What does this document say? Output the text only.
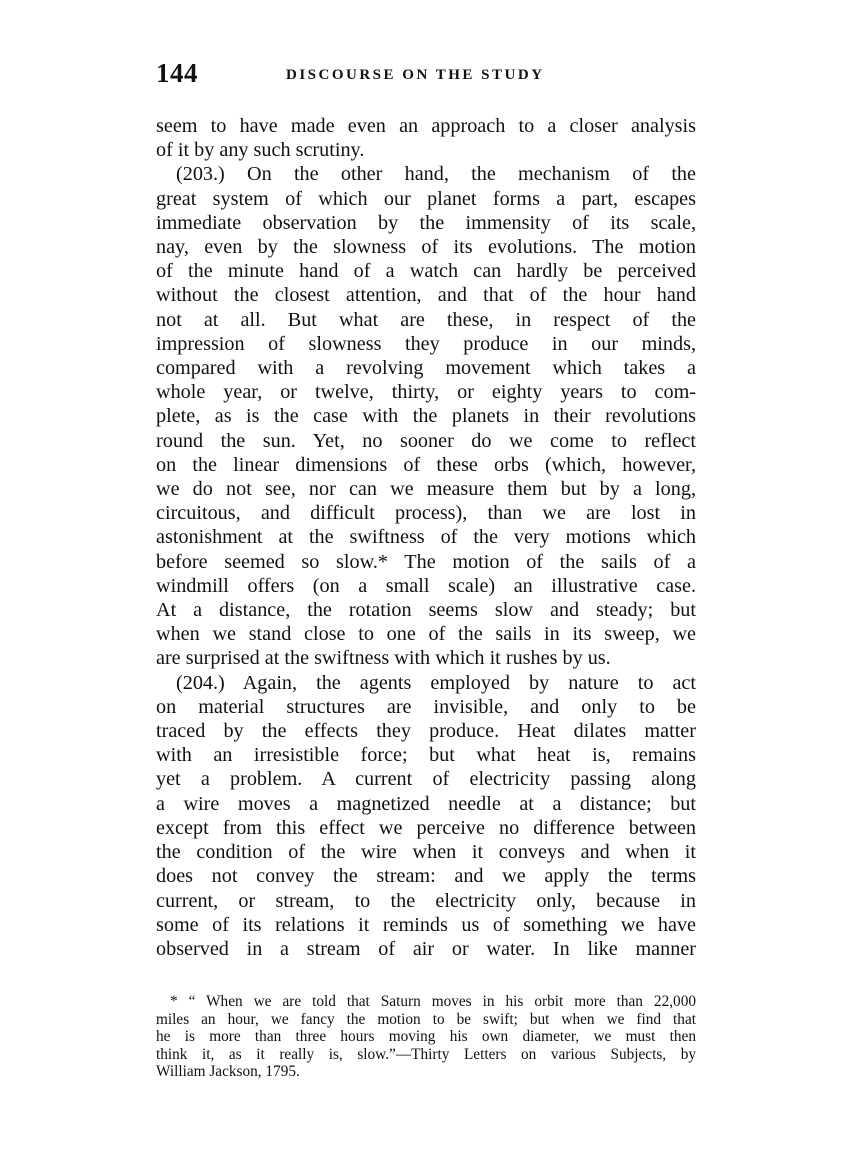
144	DISCOURSE ON THE STUDY
seem to have made even an approach to a closer analysis
of it by any such scrutiny.
(203.) On the other hand, the mechanism of the
great system of which our planet forms a part, escapes
immediate observation by the immensity of its scale,
nay, even by the slowness of its evolutions. The motion
of the minute hand of a watch can hardly be perceived
without the closest attention, and that of the hour hand
not at all. But what are these, in respect of the
impression of slowness they produce in our minds,
compared with a revolving movement which takes a
whole year, or twelve, thirty, or eighty years to com-
plete, as is the case with the planets in their revolutions
round the sun. Yet, no sooner do we come to reflect
on the linear dimensions of these orbs (which, however,
we do not see, nor can we measure them but by a long,
circuitous, and difficult process), than we are lost in
astonishment at the swiftness of the very motions which
before seemed so slow.* The motion of the sails of a
windmill offers (on a small scale) an illustrative case.
At a distance, the rotation seems slow and steady; but
when we stand close to one of the sails in its sweep, we
are surprised at the swiftness with which it rushes by us.
(204.) Again, the agents employed by nature to act
on material structures are invisible, and only to be
traced by the effects they produce. Heat dilates matter
with an irresistible force; but what heat is, remains
yet a problem. A current of electricity passing along
a wire moves a magnetized needle at a distance; but
except from this effect we perceive no difference between
the condition of the wire when it conveys and when it
does not convey the stream: and we apply the terms
current, or stream, to the electricity only, because in
some of its relations it reminds us of something we have
observed in a stream of air or water. In like manner
* “ When we are told that Saturn moves in his orbit more than 22,000
miles an hour, we fancy the motion to be swift; but when we find that
he is more than three hours moving his own diameter, we must then
think it, as it really is, slow.”—Thirty Letters on various Subjects, by
William Jackson, 1795.
